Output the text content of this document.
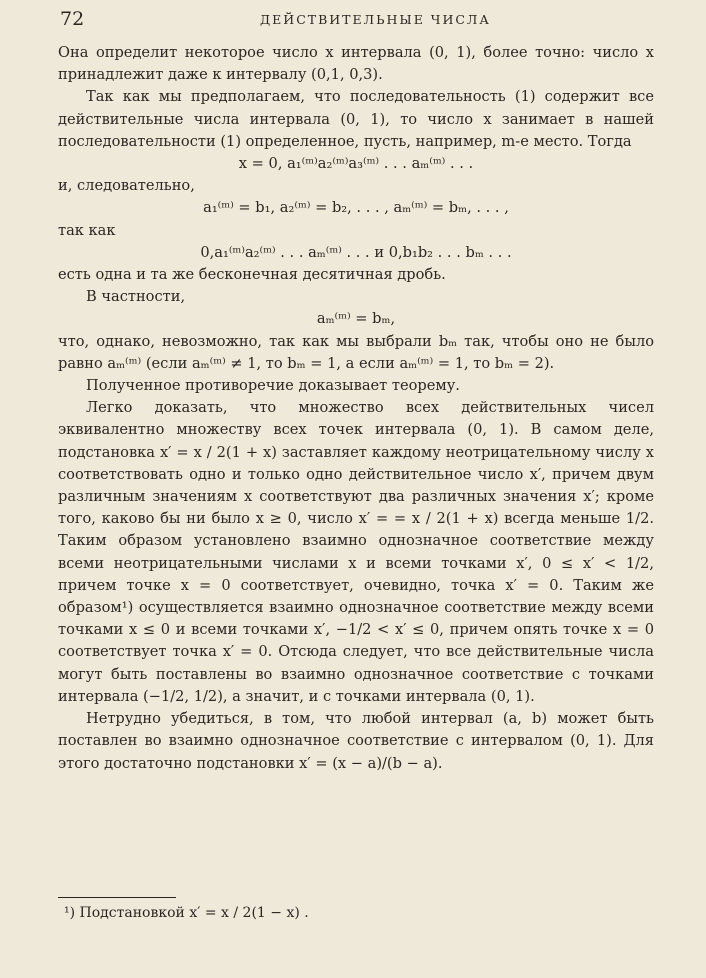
72	ДЕЙСТВИТЕЛЬНЫЕ ЧИСЛА

Она определит некоторое число x интервала (0, 1), более точно: число x принадлежит даже к интервалу (0,1, 0,3).

Так как мы предполагаем, что последовательность (1) содержит все действительные числа интервала (0, 1), то число x занимает в нашей последовательности (1) определенное, пусть, например, m-е место. Тогда

x = 0, a₁⁽ᵐ⁾a₂⁽ᵐ⁾a₃⁽ᵐ⁾ . . . aₘ⁽ᵐ⁾ . . .

и, следовательно,

a₁⁽ᵐ⁾ = b₁, a₂⁽ᵐ⁾ = b₂, . . . , aₘ⁽ᵐ⁾ = bₘ, . . . ,

так как

0,a₁⁽ᵐ⁾a₂⁽ᵐ⁾ . . . aₘ⁽ᵐ⁾ . . . и 0,b₁b₂ . . . bₘ . . .

есть одна и та же бесконечная десятичная дробь.

В частности,

aₘ⁽ᵐ⁾ = bₘ,

что, однако, невозможно, так как мы выбрали bₘ так, чтобы оно не было равно aₘ⁽ᵐ⁾ (если aₘ⁽ᵐ⁾ ≠ 1, то bₘ = 1, а если aₘ⁽ᵐ⁾ = 1, то bₘ = 2).

Полученное противоречие доказывает теорему.

Легко доказать, что множество всех действительных чисел эквивалентно множеству всех точек интервала (0, 1). В самом деле, подстановка x′ = x / 2(1 + x) заставляет каждому неотрицательному числу x соответствовать одно и только одно действительное число x′, причем двум различным значениям x соответствуют два различных значения x′; кроме того, каково бы ни было x ≥ 0, число x′ = = x / 2(1 + x) всегда меньше 1/2. Таким образом установлено взаимно однозначное соответствие между всеми неотрицательными числами x и всеми точками x′, 0 ≤ x′ < 1/2, причем точке x = 0 соответствует, очевидно, точка x′ = 0. Таким же образом¹) осуществляется взаимно однозначное соответствие между всеми точками x ≤ 0 и всеми точками x′, −1/2 < x′ ≤ 0, причем опять точке x = 0 соответствует точка x′ = 0. Отсюда следует, что все действительные числа могут быть поставлены во взаимно однозначное соответствие с точками интервала (−1/2, 1/2), а значит, и с точками интервала (0, 1).

Нетрудно убедиться, в том, что любой интервал (a, b) может быть поставлен во взаимно однозначное соответствие с интервалом (0, 1). Для этого достаточно подстановки x′ = (x − a)/(b − a).

¹) Подстановкой x′ = x / 2(1 − x) .
